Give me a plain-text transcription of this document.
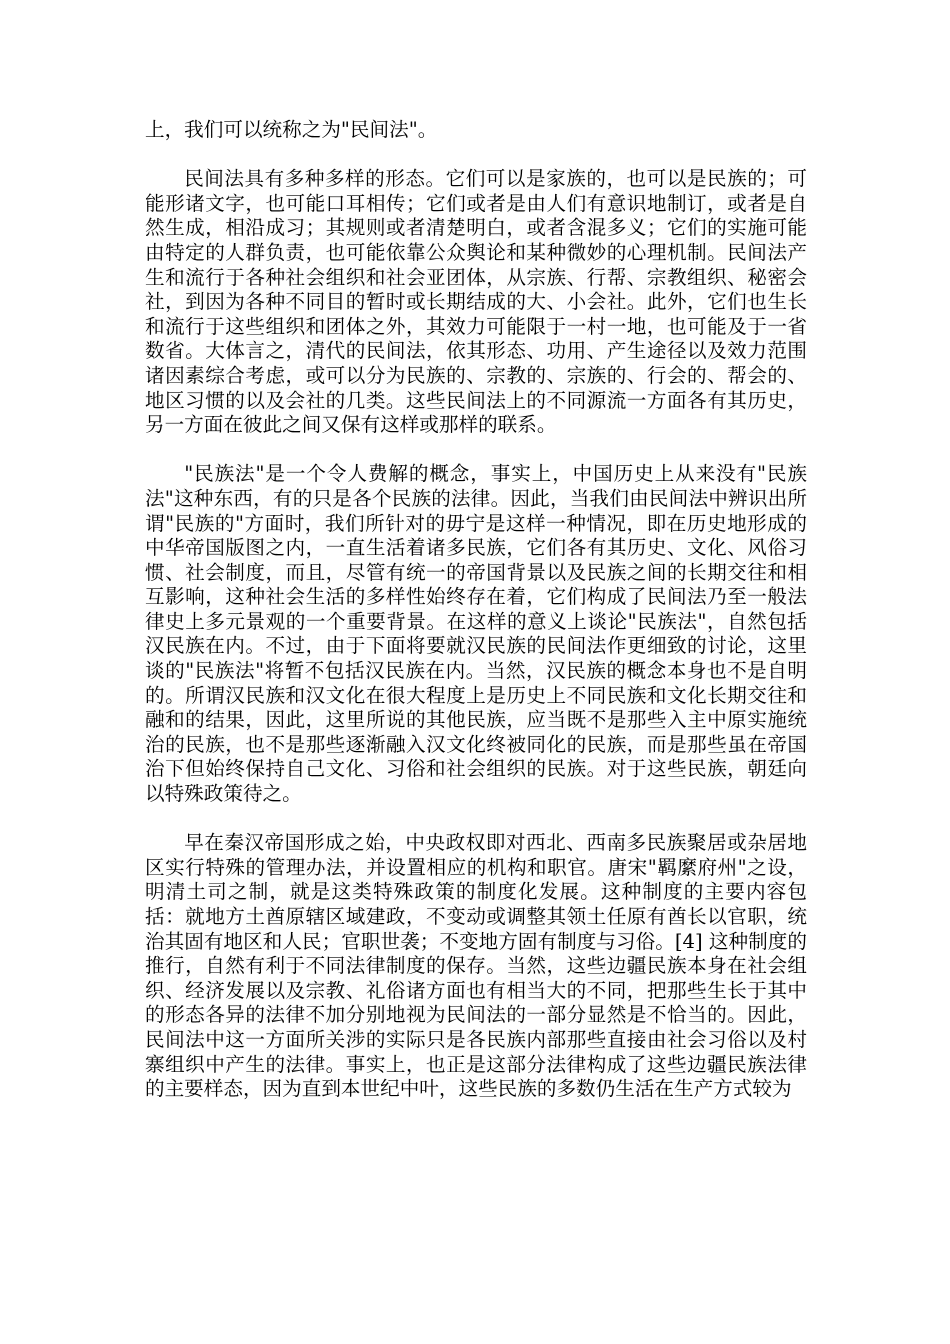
上，我们可以统称之为"民间法"。

民间法具有多种多样的形态。它们可以是家族的，也可以是民族的；可能形诸文字，也可能口耳相传；它们或者是由人们有意识地制订，或者是自然生成，相沿成习；其规则或者清楚明白，或者含混多义；它们的实施可能由特定的人群负责，也可能依靠公众舆论和某种微妙的心理机制。民间法产生和流行于各种社会组织和社会亚团体，从宗族、行帮、宗教组织、秘密会社，到因为各种不同目的暂时或长期结成的大、小会社。此外，它们也生长和流行于这些组织和团体之外，其效力可能限于一村一地，也可能及于一省数省。大体言之，清代的民间法，依其形态、功用、产生途径以及效力范围诸因素综合考虑，或可以分为民族的、宗教的、宗族的、行会的、帮会的、地区习惯的以及会社的几类。这些民间法上的不同源流一方面各有其历史，另一方面在彼此之间又保有这样或那样的联系。

"民族法"是一个令人费解的概念，事实上，中国历史上从来没有"民族法"这种东西，有的只是各个民族的法律。因此，当我们由民间法中辨识出所谓"民族的"方面时，我们所针对的毋宁是这样一种情况，即在历史地形成的中华帝国版图之内，一直生活着诸多民族，它们各有其历史、文化、风俗习惯、社会制度，而且，尽管有统一的帝国背景以及民族之间的长期交往和相互影响，这种社会生活的多样性始终存在着，它们构成了民间法乃至一般法律史上多元景观的一个重要背景。在这样的意义上谈论"民族法"，自然包括汉民族在内。不过，由于下面将要就汉民族的民间法作更细致的讨论，这里谈的"民族法"将暂不包括汉民族在内。当然，汉民族的概念本身也不是自明的。所谓汉民族和汉文化在很大程度上是历史上不同民族和文化长期交往和融和的结果，因此，这里所说的其他民族，应当既不是那些入主中原实施统治的民族，也不是那些逐渐融入汉文化终被同化的民族，而是那些虽在帝国治下但始终保持自己文化、习俗和社会组织的民族。对于这些民族，朝廷向以特殊政策待之。

早在秦汉帝国形成之始，中央政权即对西北、西南多民族聚居或杂居地区实行特殊的管理办法，并设置相应的机构和职官。唐宋"羁縻府州"之设，明清土司之制，就是这类特殊政策的制度化发展。这种制度的主要内容包括：就地方土酋原辖区域建政，不变动或调整其领土任原有酋长以官职，统治其固有地区和人民；官职世袭；不变地方固有制度与习俗。[4] 这种制度的推行，自然有利于不同法律制度的保存。当然，这些边疆民族本身在社会组织、经济发展以及宗教、礼俗诸方面也有相当大的不同，把那些生长于其中的形态各异的法律不加分别地视为民间法的一部分显然是不恰当的。因此，民间法中这一方面所关涉的实际只是各民族内部那些直接由社会习俗以及村寨组织中产生的法律。事实上，也正是这部分法律构成了这些边疆民族法律的主要样态，因为直到本世纪中叶，这些民族的多数仍生活在生产方式较为
